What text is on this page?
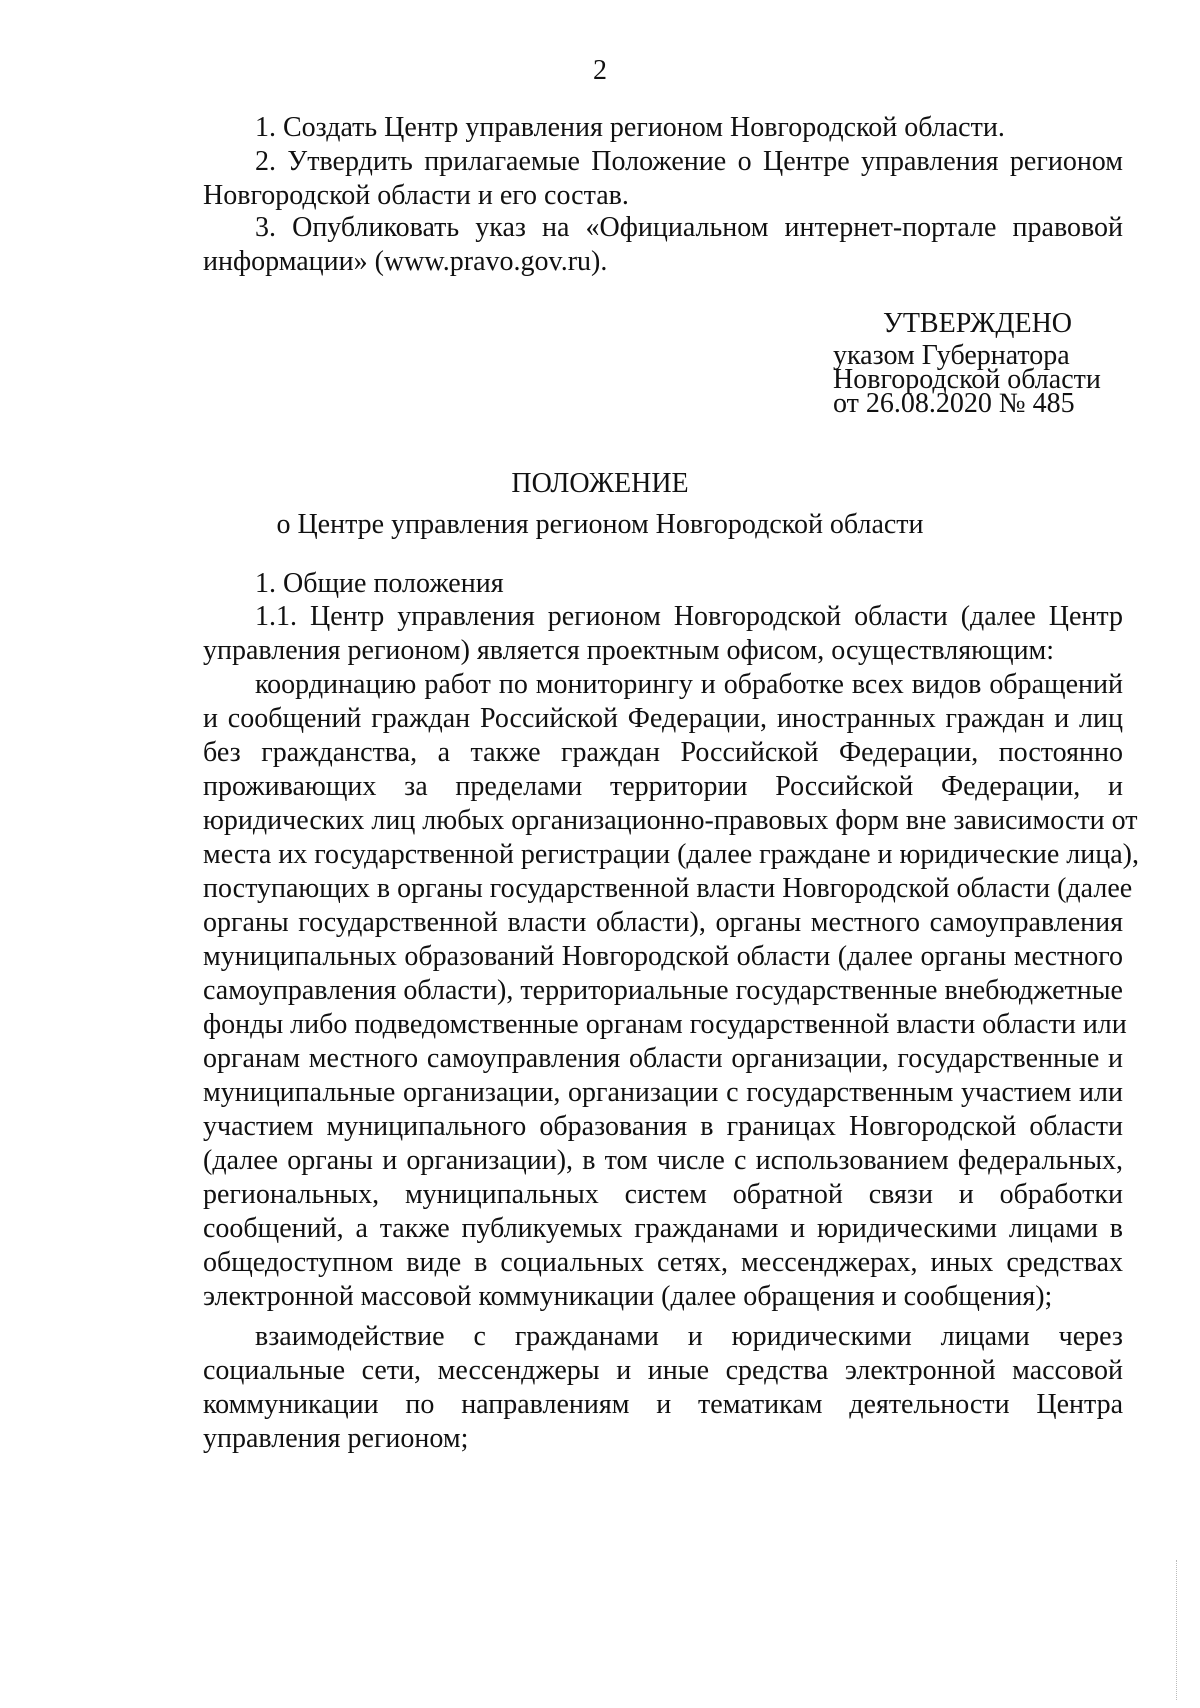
2
1. Создать Центр управления регионом Новгородской области.
2. Утвердить прилагаемые Положение о Центре управления регионом
Новгородской области и его состав.
3. Опубликовать указ на «Официальном интернет-портале правовой
информации» (www.pravo.gov.ru).
УТВЕРЖДЕНО
указом Губернатора
Новгородской области
от 26.08.2020 № 485
ПОЛОЖЕНИЕ
о Центре управления регионом Новгородской области
1. Общие положения
1.1. Центр управления регионом Новгородской области (далее Центр
управления регионом) является проектным офисом, осуществляющим:
координацию работ по мониторингу и обработке всех видов обращений
и сообщений граждан Российской Федерации, иностранных граждан и лиц
без гражданства, а также граждан Российской Федерации, постоянно
проживающих за пределами территории Российской Федерации, и
юридических лиц любых организационно-правовых форм вне зависимости от
места их государственной регистрации (далее граждане и юридические лица),
поступающих в органы государственной власти Новгородской области (далее
органы государственной власти области), органы местного самоуправления
муниципальных образований Новгородской области (далее органы местного
самоуправления области), территориальные государственные внебюджетные
фонды либо подведомственные органам государственной власти области или
органам местного самоуправления области организации, государственные и
муниципальные организации, организации с государственным участием или
участием муниципального образования в границах Новгородской области
(далее органы и организации), в том числе с использованием федеральных,
региональных, муниципальных систем обратной связи и обработки
сообщений, а также публикуемых гражданами и юридическими лицами в
общедоступном виде в социальных сетях, мессенджерах, иных средствах
электронной массовой коммуникации (далее обращения и сообщения);
взаимодействие с гражданами и юридическими лицами через
социальные сети, мессенджеры и иные средства электронной массовой
коммуникации по направлениям и тематикам деятельности Центра
управления регионом;
